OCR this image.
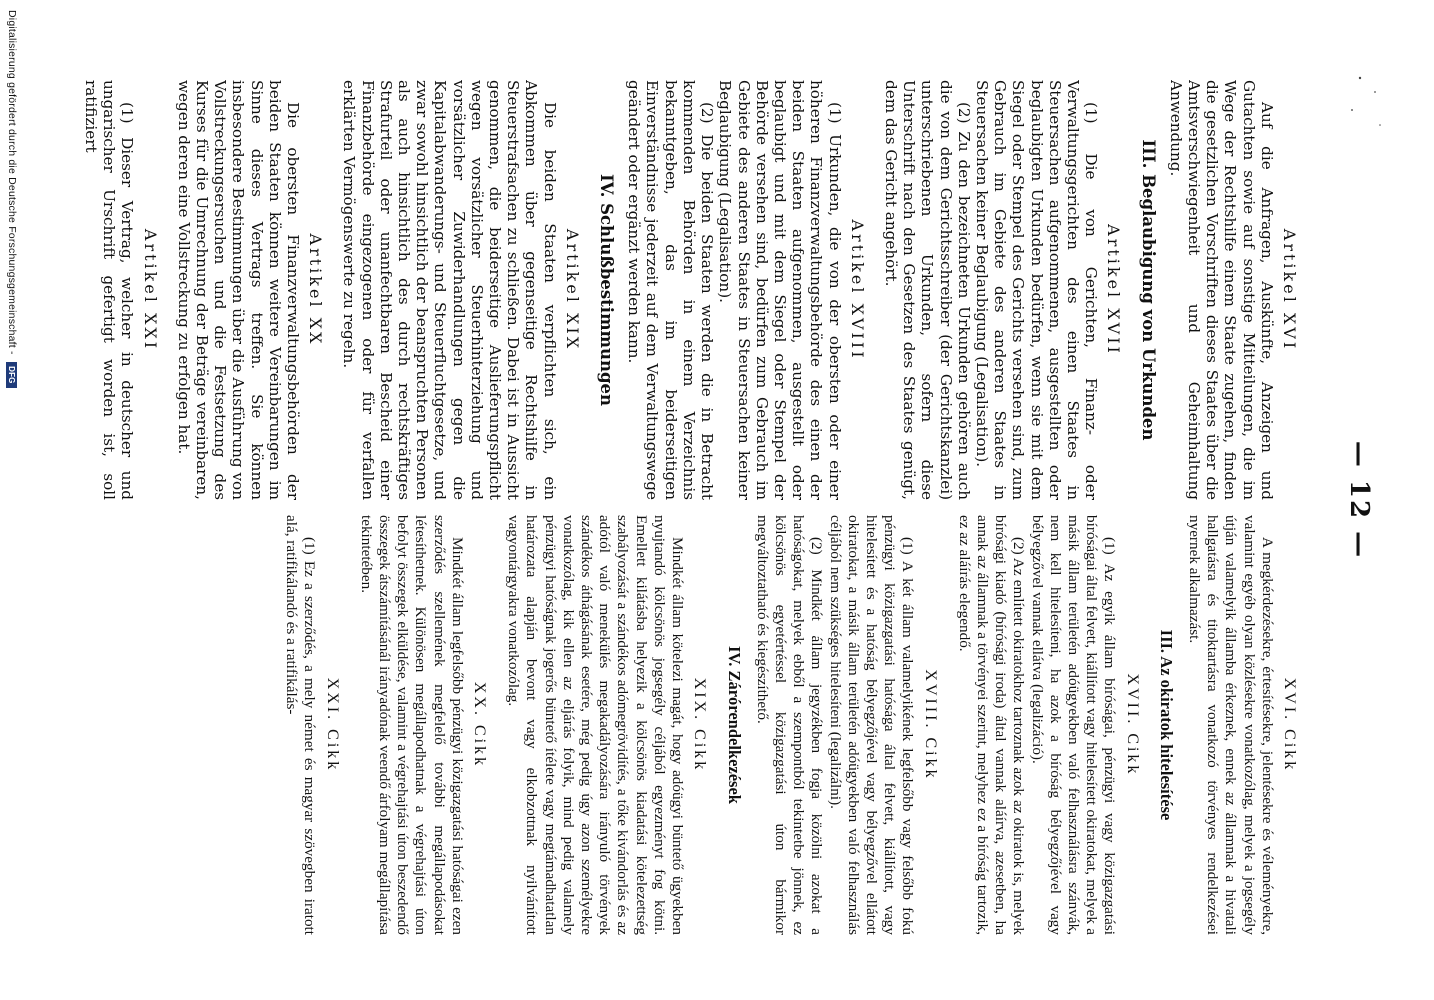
— 12 —
Artikel XVI

Auf die Anfragen, Auskünfte, Anzeigen und Gutachten sowie auf sonstige Mitteilungen, die im Wege der Rechtshilfe einem Staate zugehen, finden die gesetzlichen Vorschriften dieses Staates über die Amtsverschwiegenheit und Geheimhaltung Anwendung.

III. Beglaubigung von Urkunden
Artikel XVII

(1) Die von Gerichten, Finanz- oder Verwaltungsgerichten des einen Staates in Steuersachen aufgenommenen, ausgestellten oder beglaubigten Urkunden bedürfen, wenn sie mit dem Siegel oder Stempel des Gerichts versehen sind, zum Gebrauch im Gebiete des anderen Staates in Steuersachen keiner Beglaubigung (Legalisation).

(2) Zu den bezeichneten Urkunden gehören auch die von dem Gerichtsschreiber (der Gerichtskanzlei) unterschriebenen Urkunden, sofern diese Unterschrift nach den Gesetzen des Staates genügt, dem das Gericht angehört.

Artikel XVIII

(1) Urkunden, die von der obersten oder einer höheren Finanzverwaltungsbehörde des einen der beiden Staaten aufgenommen, ausgestellt oder beglaubigt und mit dem Siegel oder Stempel der Behörde versehen sind, bedürfen zum Gebrauch im Gebiete des anderen Staates in Steuersachen keiner Beglaubigung (Legalisation).

(2) Die beiden Staaten werden die in Betracht kommenden Behörden in einem Verzeichnis bekanntgeben, das im beiderseitigen Einverständnisse jederzeit auf dem Verwaltungswege geändert oder ergänzt werden kann.

IV. Schlußbestimmungen
Artikel XIX

Die beiden Staaten verpflichten sich, ein Abkommen über gegenseitige Rechtshilfe in Steuerstrafsachen zu schließen. Dabei ist in Aussicht genommen, die beiderseitige Auslieferungspflicht wegen vorsätzlicher Steuerhinterziehung und vorsätzlicher Zuwiderhandlungen gegen die Kapitalabwanderungs- und Steuerfluchtgesetze, und zwar sowohl hinsichtlich der beanspruchten Personen als auch hinsichtlich des durch rechtskräftiges Strafurteil oder unanfechtbaren Bescheid einer Finanzbehörde eingezogenen oder für verfallen erklärten Vermögenswerte zu regeln.

Artikel XX

Die obersten Finanzverwaltungsbehörden der beiden Staaten können weitere Vereinbarungen im Sinne dieses Vertrags treffen. Sie können insbesondere Bestimmungen über die Ausführung von Vollstreckungsersuchen und die Festsetzung des Kurses für die Umrechnung der Beträge vereinbaren, wegen deren eine Vollstreckung zu erfolgen hat.

Artikel XXI

(1) Dieser Vertrag, welcher in deutscher und ungarischer Urschrift gefertigt worden ist, soll ratifiziert

XVI. Cikk

A megkérdezésekre, értesítésekre, jelentésekre és véleményekre, valamint egyéb olyan közlésekre vonatkozólag, melyek a jogsegély útján valamelyik államba érkeznek, ennek az államnak a hivatali hallgatásra és titoktartásra vonatkozó törvényes rendelkezései nyernek alkalmazást.

III. Az okiratok hitelesítése
XVII. Cikk

(1) Az egyik állam bíróságai, pénzügyi vagy közigazgatási bíróságai által felvett, kiállított vagy hitelesített okiratokat, melyek a másik állam területén adóügyekben való felhasználásra szánvák, nem kell hitelesíteni, ha azok a bíróság bélyegzőjével vagy bélyegzővel vannak ellátva (legalizáció).

(2) Az említett okiratokhoz tartoznak azok az okiratok is, melyek bírósági kiadó (bírósági iroda) által vannak aláírva, azesetben, ha annak az államnak a törvényei szerint, melyhez ez a bíróság tartozik, ez az aláírás elegendő.

XVIII. Cikk

(1) A két állam valamelyikének legfelsőbb vagy felsőbb fokú pénzügyi közigazgatási hatósága által felvett, kiállított, vagy hitelesített és a hatóság bélyegzőjével vagy bélyegzővel ellátott okiratokat, a másik állam területén adóügyekben való felhasználás céljából nem szükséges hitelesíteni (legalizálni).

(2) Mindkét állam jegyzékben fogja közölni azokat a hatóságokat, melyek ebből a szempontból tekintetbe jönnek, ez kölcsönös egyetértéssel közigazgatási úton bármikor megváltoztatható és kiegészíthető.

IV. Zárórendelkezések
XIX. Cikk

Mindkét állam kötelezi magát, hogy adóügyi büntető ügyekben nyujtandó kölcsönös jogsegély céljából egyezményt fog kötni. Emellett kilátásba helyezik a kölcsönös kiadatási kötelezettség szabályozását a szándékos adómegrövidítés, a tőke kivándorlás és az adótól való menekülés megakadályozására irányuló törvények szándékos áthágásának esetére, még pedig úgy azon személyekre vonatkozólag, kik ellen az eljárás folyik, mind pedig valamely pénzügyi hatóságnak jogerős büntető ítélete vagy megtámadhatatlan határozata alapján bevont vagy elkobzottnak nyilvánított vagyontárgyakra vonatkozólag.

XX. Cikk

Mindkét állam legfelsőbb pénzügyi közigazgatási hatóságai ezen szerződés szellemének megfelelő további megállapodásokat létesíthetnek. Különösen megállapodhatnak a végrehajtási úton befolyt összegek elküldése, valamint a végrehajtási úton beszedendő összegek átszámításánál irányadónak veendő árfolyam megállapítása tekintetében.

XXI. Cikk

(1) Ez a szerződés, a mely német és magyar szövegben iratott alá, ratifikálandó és a ratifikálás-

Digitalisierung gefördert durch die Deutsche Forschungsgemeinschaft - DFG
